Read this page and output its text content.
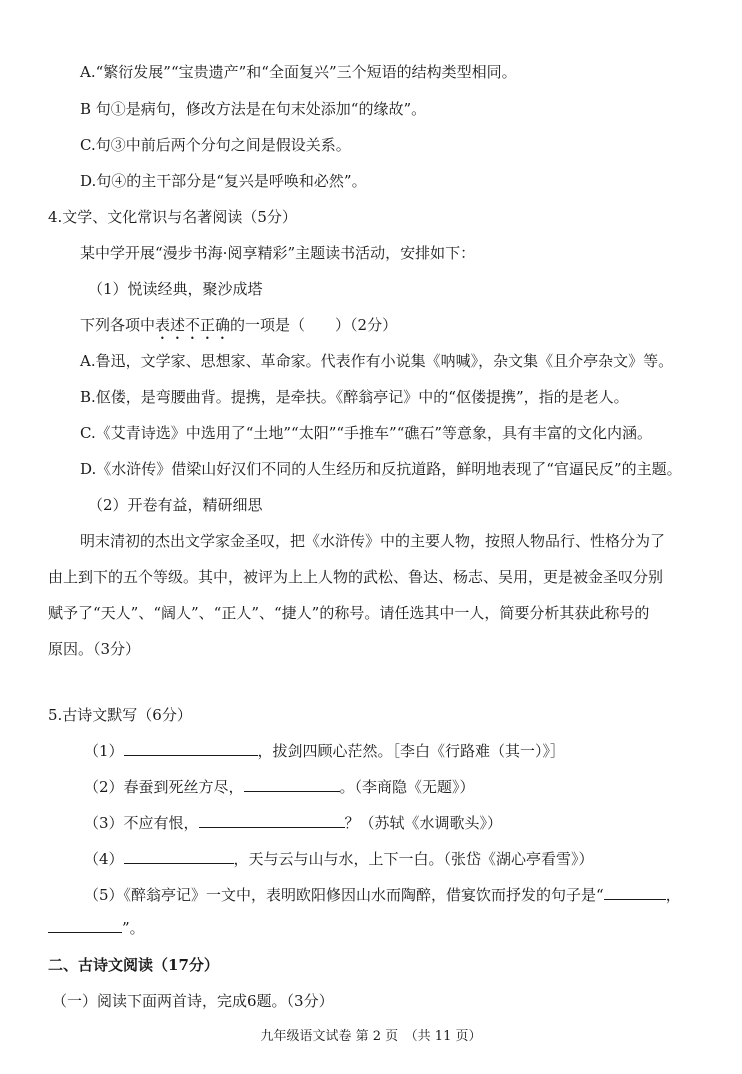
A.“繁衍发展”“宝贵遗产”和“全面复兴”三个短语的结构类型相同。
B 句①是病句，修改方法是在句末处添加“的缘故”。
C.句③中前后两个分句之间是假设关系。
D.句④的主干部分是“复兴是呼唤和必然”。
4.文学、文化常识与名著阅读（5分）
某中学开展“漫步书海·阅享精彩”主题读书活动，安排如下：
（1）悦读经典，聚沙成塔
下列各项中表述不正确的一项是（　　）（2分）
A.鲁迅，文学家、思想家、革命家。代表作有小说集《呐喊》，杂文集《且介亭杂文》等。
B.伛偻，是弯腰曲背。提携，是牵扶。《醉翁亭记》中的“伛偻提携”，指的是老人。
C.《艾青诗选》中选用了“土地”“太阳”“手推车”“礁石”等意象，具有丰富的文化内涵。
D.《水浒传》借梁山好汉们不同的人生经历和反抗道路，鲜明地表现了“官逼民反”的主题。
（2）开卷有益，精研细思
明末清初的杰出文学家金圣叹，把《水浒传》中的主要人物，按照人物品行、性格分为了
由上到下的五个等级。其中，被评为上上人物的武松、鲁达、杨志、吴用，更是被金圣叹分别
赋予了“天人”、“阔人”、“正人”、“捷人”的称号。请任选其中一人，简要分析其获此称号的
原因。（3分）
5.古诗文默写（6分）
（1）	，拔剑四顾心茫然。［李白《行路难（其一）》］
（2）春蚕到死丝方尽，	。（李商隐《无题》）
（3）不应有恨，	？（苏轼《水调歌头》）
（4）	，天与云与山与水，上下一白。（张岱《湖心亭看雪》）
（5）《醉翁亭记》一文中，表明欧阳修因山水而陶醉，借宴饮而抒发的句子是“	，
”。
二、古诗文阅读（17分）
（一）阅读下面两首诗，完成6题。（3分）
九年级语文试卷 第 2 页　（共 11 页）
